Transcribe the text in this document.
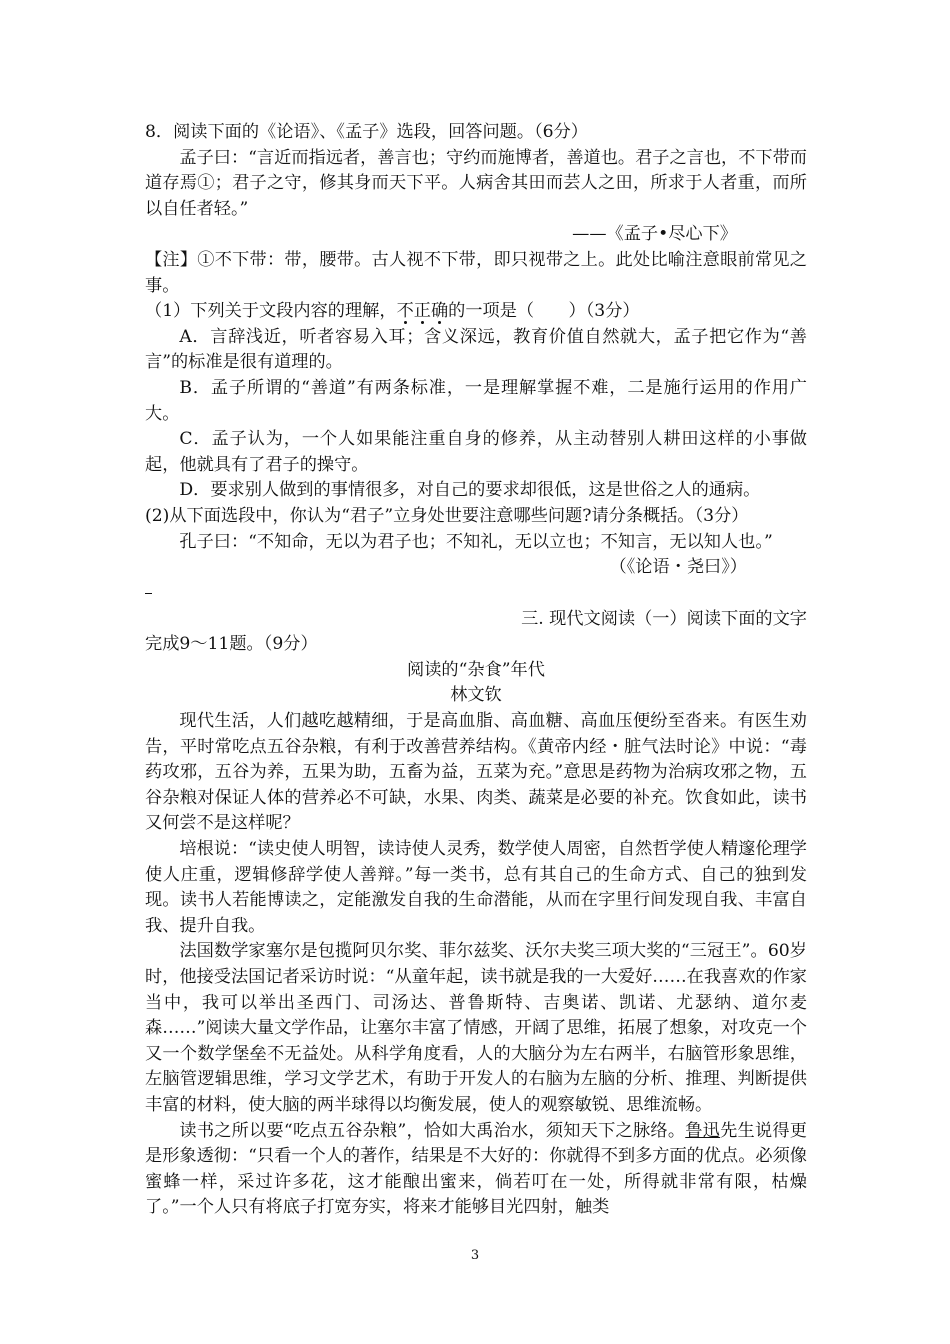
8．阅读下面的《论语》、《孟子》选段，回答问题。（6分）

孟子曰：“言近而指远者，善言也；守约而施博者，善道也。君子之言也，不下带而道存焉①；君子之守，修其身而天下平。人病舍其田而芸人之田，所求于人者重，而所以自任者轻。”

——《孟子•尽心下》

【注】①不下带：带，腰带。古人视不下带，即只视带之上。此处比喻注意眼前常见之事。

（1）下列关于文段内容的理解，不正确的一项是（　　）（3分）

A．言辞浅近，听者容易入耳；含义深远，教育价值自然就大，孟子把它作为“善言”的标准是很有道理的。

B．孟子所谓的“善道”有两条标准，一是理解掌握不难，二是施行运用的作用广大。

C．孟子认为，一个人如果能注重自身的修养，从主动替别人耕田这样的小事做起，他就具有了君子的操守。

D．要求别人做到的事情很多，对自己的要求却很低，这是世俗之人的通病。

(2)从下面选段中，你认为“君子”立身处世要注意哪些问题?请分条概括。（3分）

孔子曰：“不知命，无以为君子也；不知礼，无以立也；不知言，无以知人也。”

（《论语・尧曰》）

三. 现代文阅读（一）阅读下面的文字

完成9～11题。（9分）

阅读的“杂食”年代

林文钦

现代生活，人们越吃越精细，于是高血脂、高血糖、高血压便纷至沓来。有医生劝告，平时常吃点五谷杂粮，有利于改善营养结构。《黄帝内经・脏气法时论》中说：“毒药攻邪，五谷为养，五果为助，五畜为益，五菜为充。”意思是药物为治病攻邪之物，五谷杂粮对保证人体的营养必不可缺，水果、肉类、蔬菜是必要的补充。饮食如此，读书又何尝不是这样呢？

培根说：“读史使人明智，读诗使人灵秀，数学使人周密，自然哲学使人精邃伦理学使人庄重，逻辑修辞学使人善辩。”每一类书，总有其自己的生命方式、自己的独到发现。读书人若能博读之，定能激发自我的生命潜能，从而在字里行间发现自我、丰富自我、提升自我。

法国数学家塞尔是包揽阿贝尔奖、菲尔兹奖、沃尔夫奖三项大奖的“三冠王”。60岁时，他接受法国记者采访时说：“从童年起，读书就是我的一大爱好……在我喜欢的作家当中，我可以举出圣西门、司汤达、普鲁斯特、吉奥诺、凯诺、尤瑟纳、道尔麦森……”阅读大量文学作品，让塞尔丰富了情感，开阔了思维，拓展了想象，对攻克一个又一个数学堡垒不无益处。从科学角度看，人的大脑分为左右两半，右脑管形象思维，左脑管逻辑思维，学习文学艺术，有助于开发人的右脑为左脑的分析、推理、判断提供丰富的材料，使大脑的两半球得以均衡发展，使人的观察敏锐、思维流畅。

读书之所以要“吃点五谷杂粮”，恰如大禹治水，须知天下之脉络。鲁迅先生说得更是形象透彻：“只看一个人的著作，结果是不大好的：你就得不到多方面的优点。必须像蜜蜂一样，采过许多花，这才能酿出蜜来，倘若叮在一处，所得就非常有限，枯燥了。”一个人只有将底子打宽夯实，将来才能够目光四射，触类

3
